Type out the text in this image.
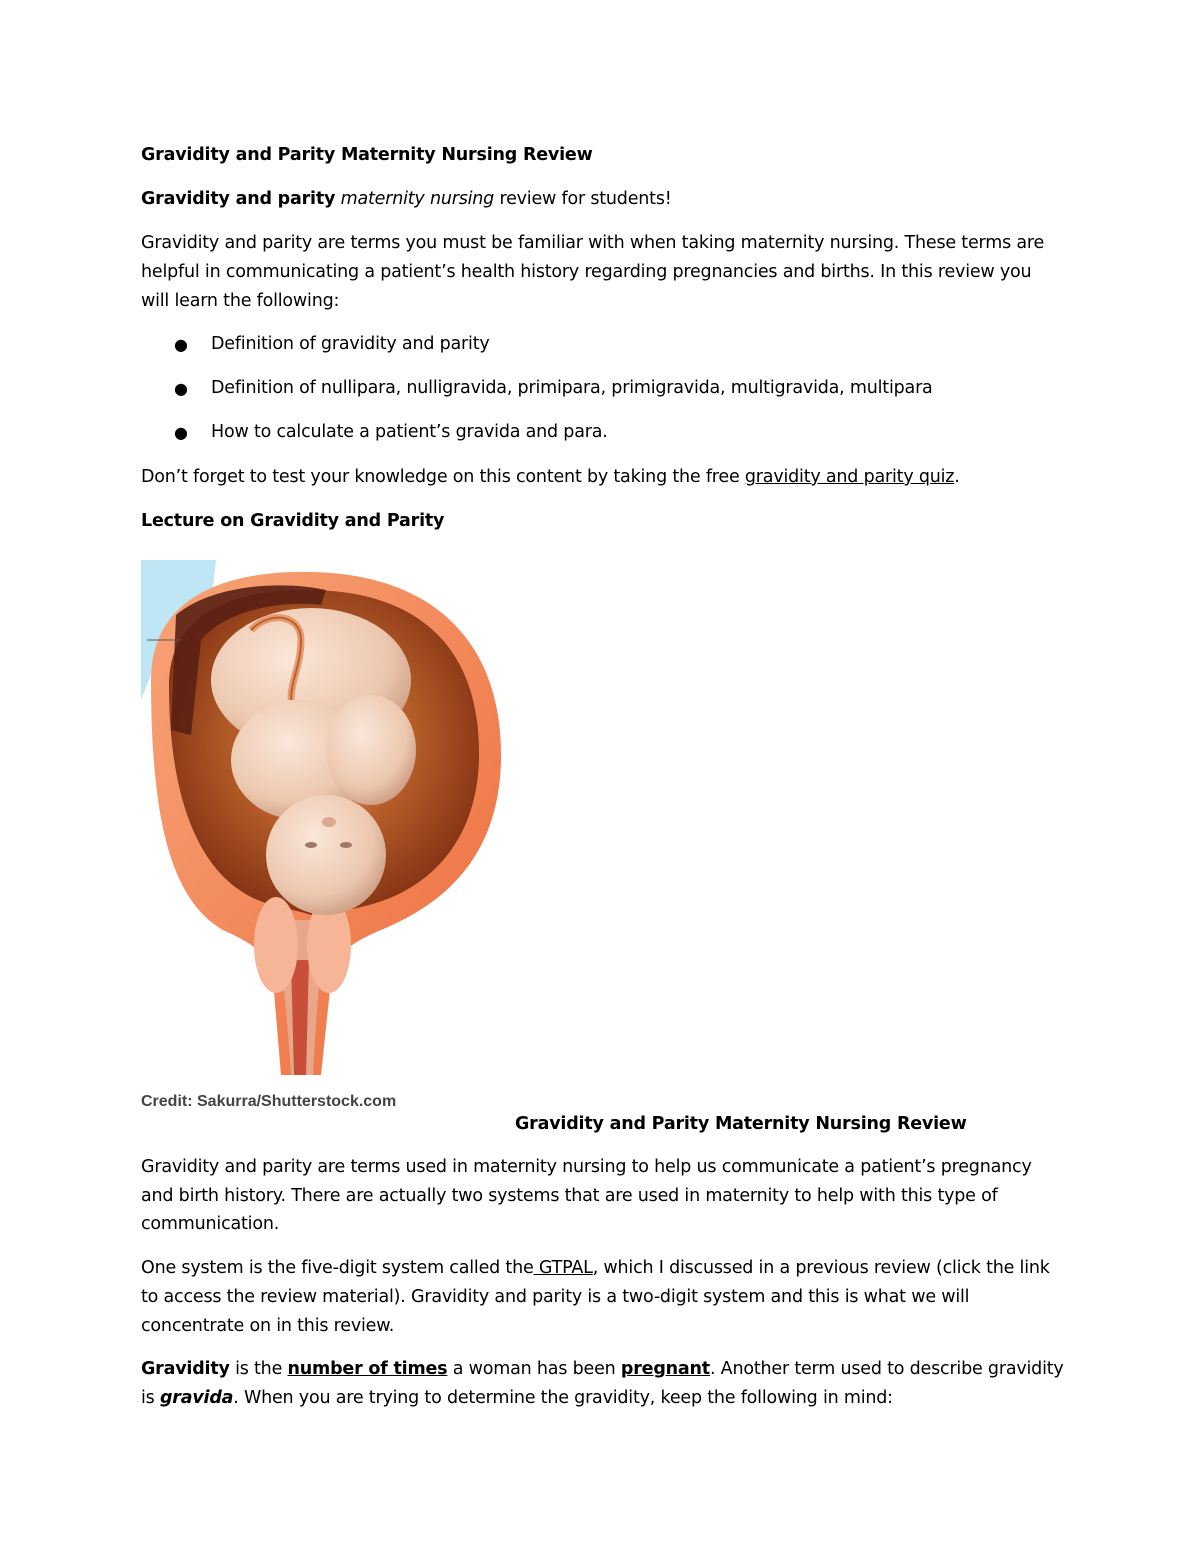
Gravidity and Parity Maternity Nursing Review
Gravidity and parity maternity nursing review for students!
Gravidity and parity are terms you must be familiar with when taking maternity nursing. These terms are
helpful in communicating a patient’s health history regarding pregnancies and births. In this review you
will learn the following:
● Definition of gravidity and parity
● Definition of nullipara, nulligravida, primipara, primigravida, multigravida, multipara
● How to calculate a patient’s gravida and para.
Don’t forget to test your knowledge on this content by taking the free gravidity and parity quiz.
Lecture on Gravidity and Parity
Credit: Sakurra/Shutterstock.com
Gravidity and Parity Maternity Nursing Review
Gravidity and parity are terms used in maternity nursing to help us communicate a patient’s pregnancy
and birth history. There are actually two systems that are used in maternity to help with this type of
communication.
One system is the five-digit system called the GTPAL, which I discussed in a previous review (click the link
to access the review material). Gravidity and parity is a two-digit system and this is what we will
concentrate on in this review.
Gravidity is the number of times a woman has been pregnant. Another term used to describe gravidity
is gravida. When you are trying to determine the gravidity, keep the following in mind:
